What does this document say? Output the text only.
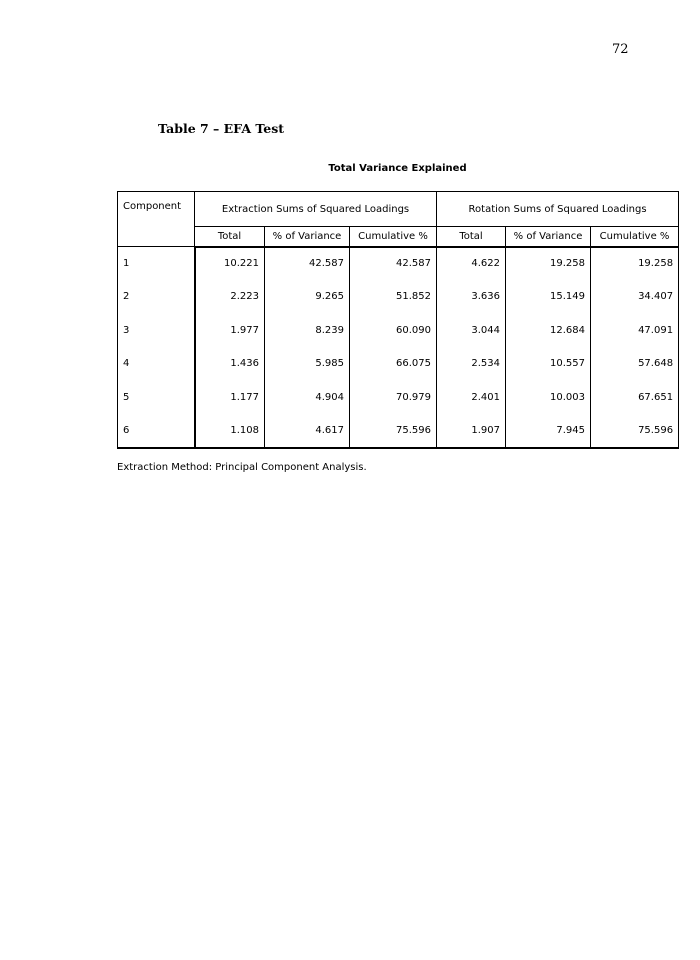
72
Table 7 – EFA Test
Total Variance Explained
Component	Extraction Sums of Squared Loadings			Rotation Sums of Squared Loadings		
	Total	% of Variance	Cumulative %	Total	% of Variance	Cumulative %
1	10.221	42.587	42.587	4.622	19.258	19.258
2	2.223	9.265	51.852	3.636	15.149	34.407
3	1.977	8.239	60.090	3.044	12.684	47.091
4	1.436	5.985	66.075	2.534	10.557	57.648
5	1.177	4.904	70.979	2.401	10.003	67.651
6	1.108	4.617	75.596	1.907	7.945	75.596
Extraction Method: Principal Component Analysis.
